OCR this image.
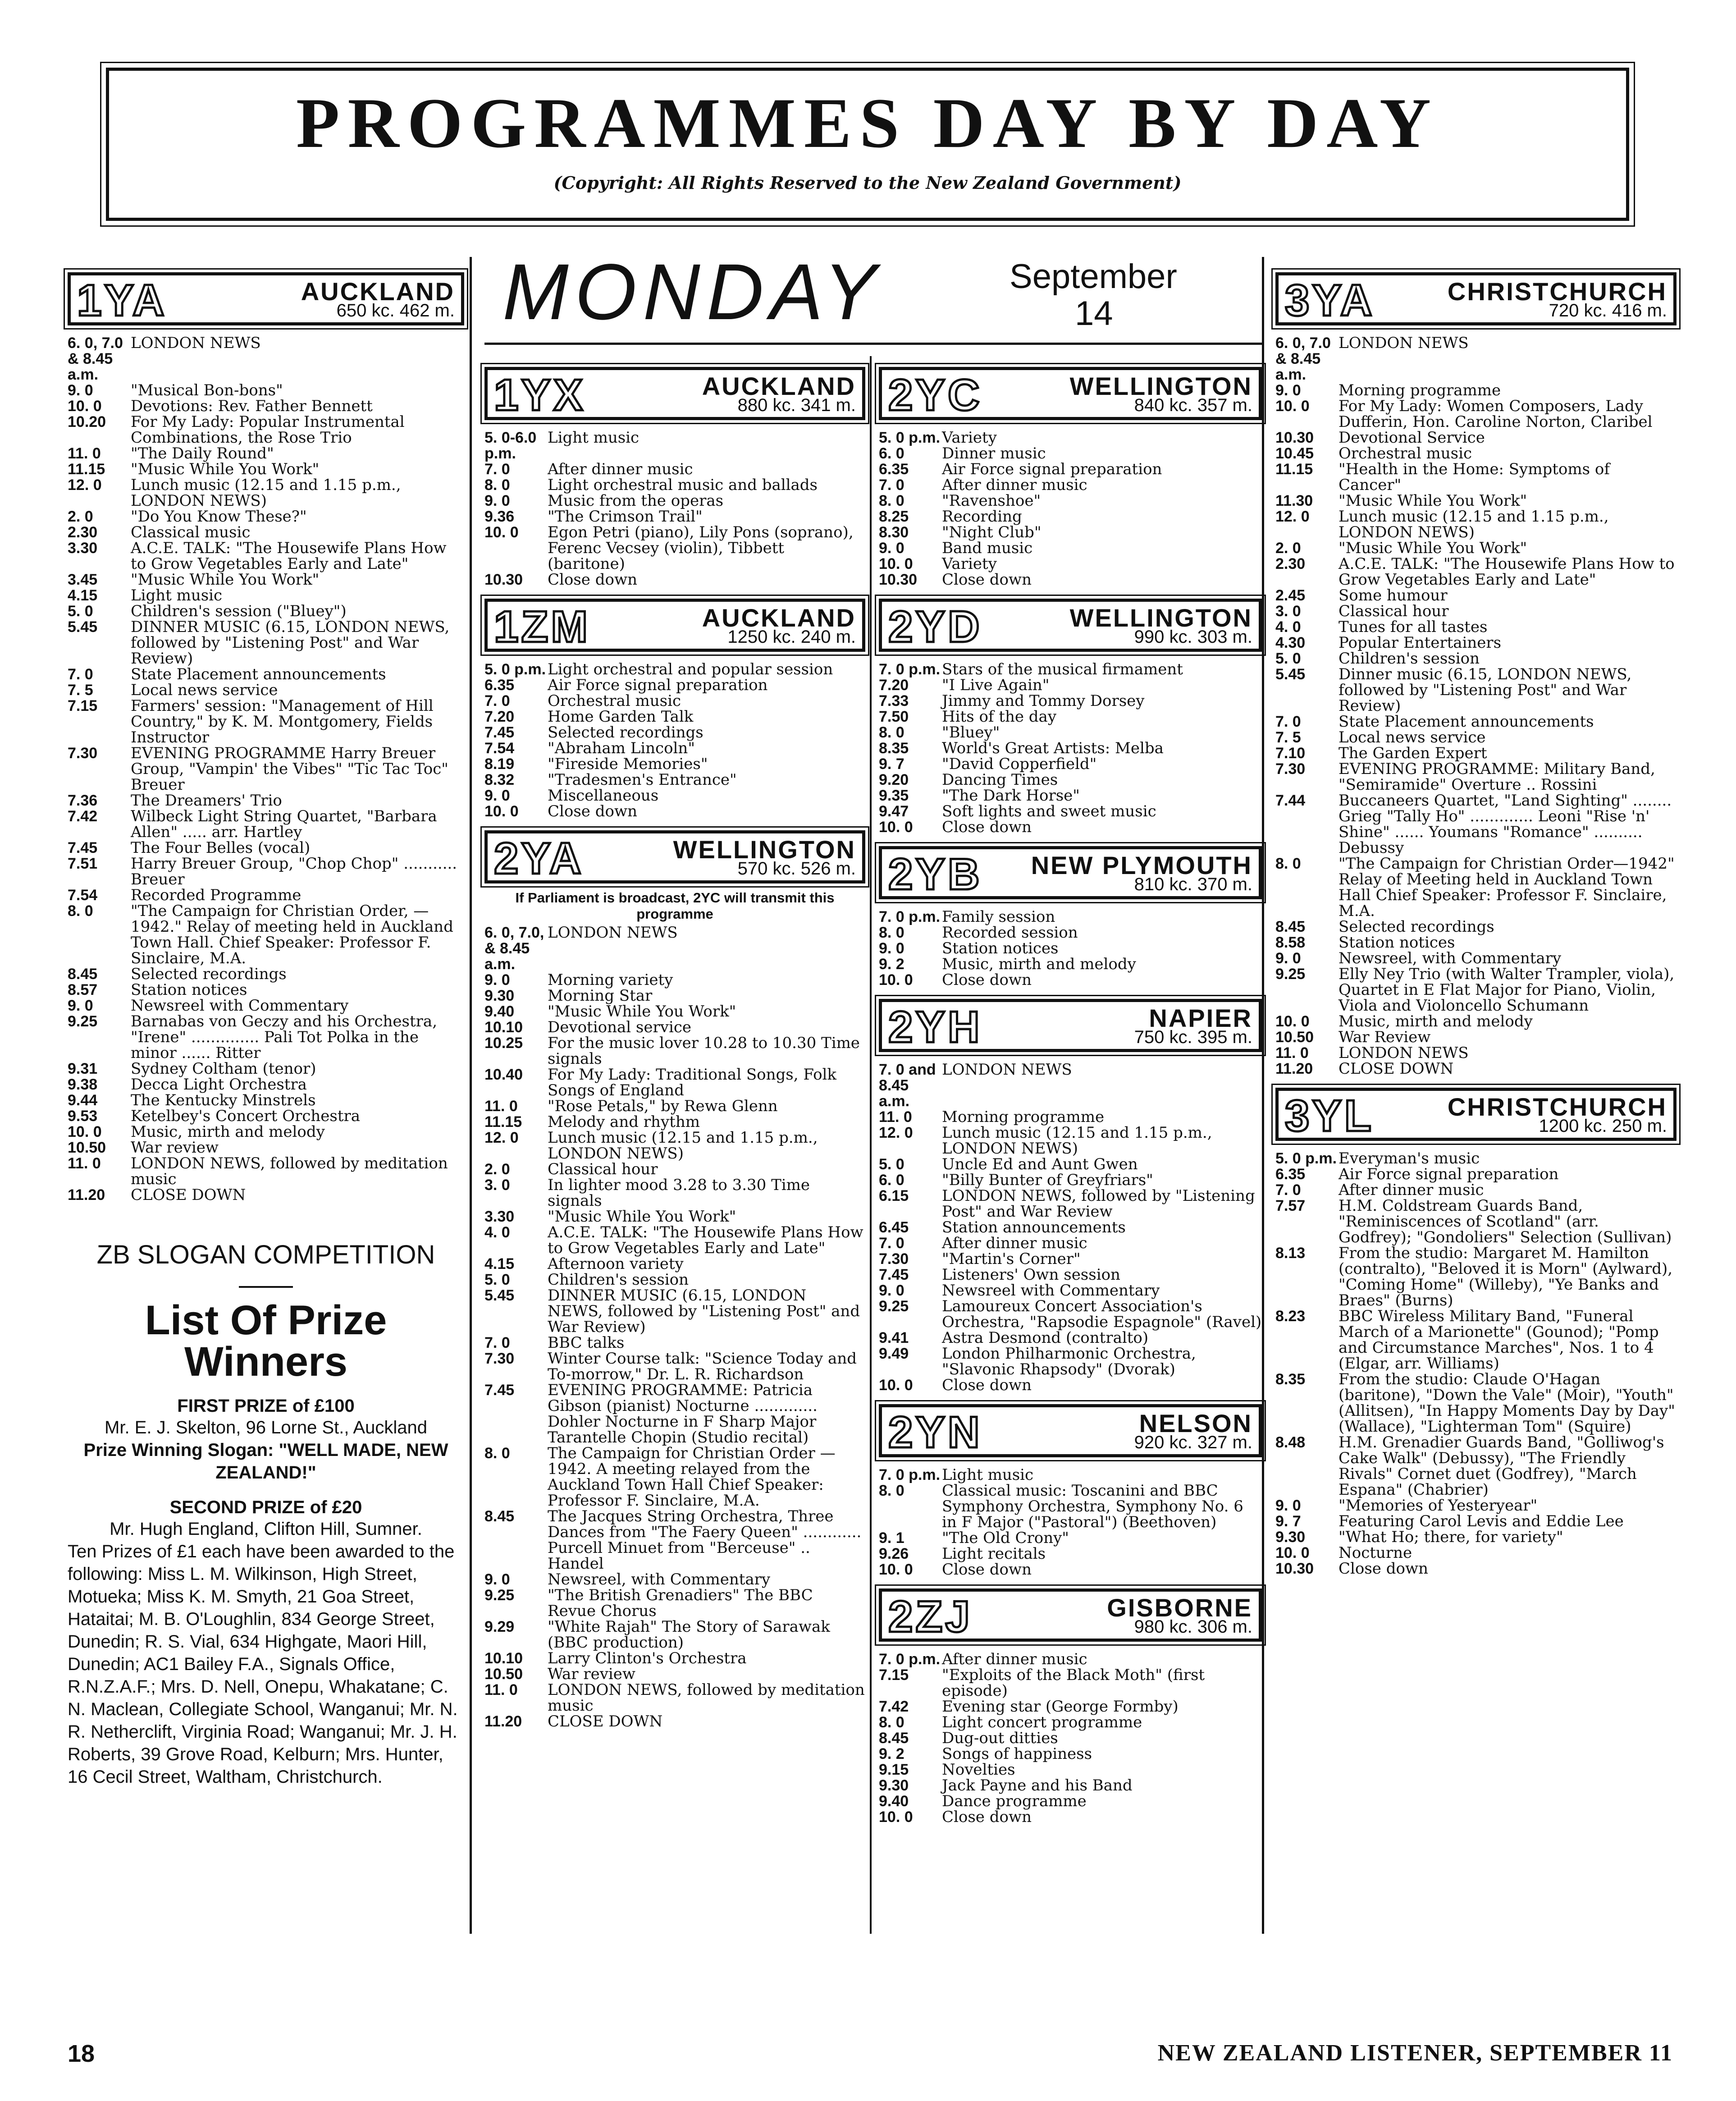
PROGRAMMES DAY BY DAY
(Copyright: All Rights Reserved to the New Zealand Government)
1YA	AUCKLAND
650 kc. 462 m.
6. 0, 7.0 & 8.45 a.m.
LONDON NEWS
9. 0	"Musical Bon-bons"
10. 0	Devotions: Rev. Father Bennett
10.20	For My Lady: Popular Instrumental Combinations, the Rose Trio
11. 0	"The Daily Round"
11.15	"Music While You Work"
12. 0	Lunch music (12.15 and 1.15 p.m., LONDON NEWS)
2. 0	"Do You Know These?"
2.30	Classical music
3.30	A.C.E. TALK: "The Housewife Plans How to Grow Vegetables Early and Late"
3.45	"Music While You Work"
4.15	Light music
5. 0	Children's session ("Bluey")
5.45	DINNER MUSIC (6.15, LONDON NEWS, followed by "Listening Post" and War Review)
7. 0	State Placement announcements
7. 5	Local news service
7.15	Farmers' session: "Management of Hill Country," by K. M. Montgomery, Fields Instructor
7.30	EVENING PROGRAMME Harry Breuer Group, "Vampin' the Vibes" "Tic Tac Toc" Breuer
7.36	The Dreamers' Trio
7.42	Wilbeck Light String Quartet, "Barbara Allen" ..... arr. Hartley
7.45	The Four Belles (vocal)
7.51	Harry Breuer Group, "Chop Chop" ........... Breuer
7.54	Recorded Programme
8. 0	"The Campaign for Christian Order, —1942." Relay of meeting held in Auckland Town Hall. Chief Speaker: Professor F. Sinclaire, M.A.
8.45	Selected recordings
8.57	Station notices
9. 0	Newsreel with Commentary
9.25	Barnabas von Geczy and his Orchestra, "Irene" .............. Pali Tot Polka in the minor ...... Ritter
9.31	Sydney Coltham (tenor)
9.38	Decca Light Orchestra
9.44	The Kentucky Minstrels
9.53	Ketelbey's Concert Orchestra
10. 0	Music, mirth and melody
10.50	War review
11. 0	LONDON NEWS, followed by meditation music
11.20	CLOSE DOWN
ZB SLOGAN COMPETITION
List Of Prize Winners
FIRST PRIZE of £100
Mr. E. J. Skelton, 96 Lorne St., Auckland
Prize Winning Slogan: "WELL MADE, NEW ZEALAND!"
SECOND PRIZE of £20
Mr. Hugh England, Clifton Hill, Sumner.
Ten Prizes of £1 each have been awarded to the following: Miss L. M. Wilkinson, High Street, Motueka; Miss K. M. Smyth, 21 Goa Street, Hataitai; M. B. O'Loughlin, 834 George Street, Dunedin; R. S. Vial, 634 Highgate, Maori Hill, Dunedin; AC1 Bailey F.A., Signals Office, R.N.Z.A.F.; Mrs. D. Nell, Onepu, Whakatane; C. N. Maclean, Collegiate School, Wanganui; Mr. N. R. Netherclift, Virginia Road; Wanganui; Mr. J. H. Roberts, 39 Grove Road, Kelburn; Mrs. Hunter, 16 Cecil Street, Waltham, Christchurch.
MONDAY	September
14
1YX	AUCKLAND
880 kc. 341 m.
5. 0-6.0 p.m.
Light music
7. 0	After dinner music
8. 0	Light orchestral music and ballads
9. 0	Music from the operas
9.36	"The Crimson Trail"
10. 0	Egon Petri (piano), Lily Pons (soprano), Ferenc Vecsey (violin), Tibbett (baritone)
10.30	Close down
1ZM	AUCKLAND
1250 kc. 240 m.
5. 0 p.m. Light orchestral and popular session
6.35	Air Force signal preparation
7. 0	Orchestral music
7.20	Home Garden Talk
7.45	Selected recordings
7.54	"Abraham Lincoln"
8.19	"Fireside Memories"
8.32	"Tradesmen's Entrance"
9. 0	Miscellaneous
10. 0	Close down
2YA	WELLINGTON
570 kc. 526 m.
If Parliament is broadcast, 2YC will transmit this programme
6. 0, 7.0, & 8.45 a.m.
LONDON NEWS
9. 0	Morning variety
9.30	Morning Star
9.40	"Music While You Work"
10.10	Devotional service
10.25	For the music lover 10.28 to 10.30 Time signals
10.40	For My Lady: Traditional Songs, Folk Songs of England
11. 0	"Rose Petals," by Rewa Glenn
11.15	Melody and rhythm
12. 0	Lunch music (12.15 and 1.15 p.m., LONDON NEWS)
2. 0	Classical hour
3. 0	In lighter mood 3.28 to 3.30 Time signals
3.30	"Music While You Work"
4. 0	A.C.E. TALK: "The Housewife Plans How to Grow Vegetables Early and Late"
4.15	Afternoon variety
5. 0	Children's session
5.45	DINNER MUSIC (6.15, LONDON NEWS, followed by "Listening Post" and War Review)
7. 0	BBC talks
7.30	Winter Course talk: "Science Today and To-morrow," Dr. L. R. Richardson
7.45	EVENING PROGRAMME: Patricia Gibson (pianist) Nocturne ............. Dohler Nocturne in F Sharp Major Tarantelle Chopin (Studio recital)
8. 0	The Campaign for Christian Order —1942. A meeting relayed from the Auckland Town Hall Chief Speaker: Professor F. Sinclaire, M.A.
8.45	The Jacques String Orchestra, Three Dances from "The Faery Queen" ............ Purcell Minuet from "Berceuse" .. Handel
9. 0	Newsreel, with Commentary
9.25	"The British Grenadiers" The BBC Revue Chorus
9.29	"White Rajah" The Story of Sarawak (BBC production)
10.10	Larry Clinton's Orchestra
10.50	War review
11. 0	LONDON NEWS, followed by meditation music
11.20	CLOSE DOWN
2YC	WELLINGTON
840 kc. 357 m.
5. 0 p.m. Variety
6. 0	Dinner music
6.35	Air Force signal preparation
7. 0	After dinner music
8. 0	"Ravenshoe"
8.25	Recording
8.30	"Night Club"
9. 0	Band music
10. 0	Variety
10.30	Close down
2YD	WELLINGTON
990 kc. 303 m.
7. 0 p.m. Stars of the musical firmament
7.20	"I Live Again"
7.33	Jimmy and Tommy Dorsey
7.50	Hits of the day
8. 0	"Bluey"
8.35	World's Great Artists: Melba
9. 7	"David Copperfield"
9.20	Dancing Times
9.35	"The Dark Horse"
9.47	Soft lights and sweet music
10. 0	Close down
2YB NEW PLYMOUTH
810 kc. 370 m.
7. 0 p.m. Family session
8. 0	Recorded session
9. 0	Station notices
9. 2	Music, mirth and melody
10. 0	Close down
2YH	NAPIER
750 kc. 395 m.
7. 0 and 8.45 a.m.
LONDON NEWS
11. 0	Morning programme
12. 0	Lunch music (12.15 and 1.15 p.m., LONDON NEWS)
5. 0	Uncle Ed and Aunt Gwen
6. 0	"Billy Bunter of Greyfriars"
6.15	LONDON NEWS, followed by "Listening Post" and War Review
6.45	Station announcements
7. 0	After dinner music
7.30	"Martin's Corner"
7.45	Listeners' Own session
9. 0	Newsreel with Commentary
9.25	Lamoureux Concert Association's Orchestra, "Rapsodie Espagnole" (Ravel)
9.41	Astra Desmond (contralto)
9.49	London Philharmonic Orchestra, "Slavonic Rhapsody" (Dvorak)
10. 0	Close down
2YN	NELSON
920 kc. 327 m.
7. 0 p.m. Light music
8. 0	Classical music: Toscanini and BBC Symphony Orchestra, Symphony No. 6 in F Major ("Pastoral") (Beethoven)
9. 1	"The Old Crony"
9.26	Light recitals
10. 0	Close down
2ZJ	GISBORNE
980 kc. 306 m.
7. 0 p.m. After dinner music
7.15	"Exploits of the Black Moth" (first episode)
7.42	Evening star (George Formby)
8. 0	Light concert programme
8.45	Dug-out ditties
9. 2	Songs of happiness
9.15	Novelties
9.30	Jack Payne and his Band
9.40	Dance programme
10. 0	Close down
3YA	CHRISTCHURCH
720 kc. 416 m.
6. 0, 7.0 & 8.45 a.m.
LONDON NEWS
9. 0	Morning programme
10. 0	For My Lady: Women Composers, Lady Dufferin, Hon. Caroline Norton, Claribel
10.30	Devotional Service
10.45	Orchestral music
11.15	"Health in the Home: Symptoms of Cancer"
11.30	"Music While You Work"
12. 0	Lunch music (12.15 and 1.15 p.m., LONDON NEWS)
2. 0	"Music While You Work"
2.30	A.C.E. TALK: "The Housewife Plans How to Grow Vegetables Early and Late"
2.45	Some humour
3. 0	Classical hour
4. 0	Tunes for all tastes
4.30	Popular Entertainers
5. 0	Children's session
5.45	Dinner music (6.15, LONDON NEWS, followed by "Listening Post" and War Review)
7. 0	State Placement announcements
7. 5	Local news service
7.10	The Garden Expert
7.30	EVENING PROGRAMME: Military Band, "Semiramide" Overture .. Rossini
7.44	Buccaneers Quartet, "Land Sighting" ........ Grieg "Tally Ho" ............. Leoni "Rise 'n' Shine" ...... Youmans "Romance" .......... Debussy
8. 0	"The Campaign for Christian Order—1942" Relay of Meeting held in Auckland Town Hall Chief Speaker: Professor F. Sinclaire, M.A.
8.45	Selected recordings
8.58	Station notices
9. 0	Newsreel, with Commentary
9.25	Elly Ney Trio (with Walter Trampler, viola), Quartet in E Flat Major for Piano, Violin, Viola and Violoncello Schumann
10. 0	Music, mirth and melody
10.50	War Review
11. 0	LONDON NEWS
11.20	CLOSE DOWN
3YL	CHRISTCHURCH
1200 kc. 250 m.
5. 0 p.m. Everyman's music
6.35	Air Force signal preparation
7. 0	After dinner music
7.57	H.M. Coldstream Guards Band, "Reminiscences of Scotland" (arr. Godfrey); "Gondoliers" Selection (Sullivan)
8.13	From the studio: Margaret M. Hamilton (contralto), "Beloved it is Morn" (Aylward), "Coming Home" (Willeby), "Ye Banks and Braes" (Burns)
8.23	BBC Wireless Military Band, "Funeral March of a Marionette" (Gounod); "Pomp and Circumstance Marches", Nos. 1 to 4 (Elgar, arr. Williams)
8.35	From the studio: Claude O'Hagan (baritone), "Down the Vale" (Moir), "Youth" (Allitsen), "In Happy Moments Day by Day" (Wallace), "Lighterman Tom" (Squire)
8.48	H.M. Grenadier Guards Band, "Golliwog's Cake Walk" (Debussy), "The Friendly Rivals" Cornet duet (Godfrey), "March Espana" (Chabrier)
9. 0	"Memories of Yesteryear"
9. 7	Featuring Carol Levis and Eddie Lee
9.30	"What Ho; there, for variety"
10. 0	Nocturne
10.30	Close down
18	NEW ZEALAND LISTENER, SEPTEMBER 11
